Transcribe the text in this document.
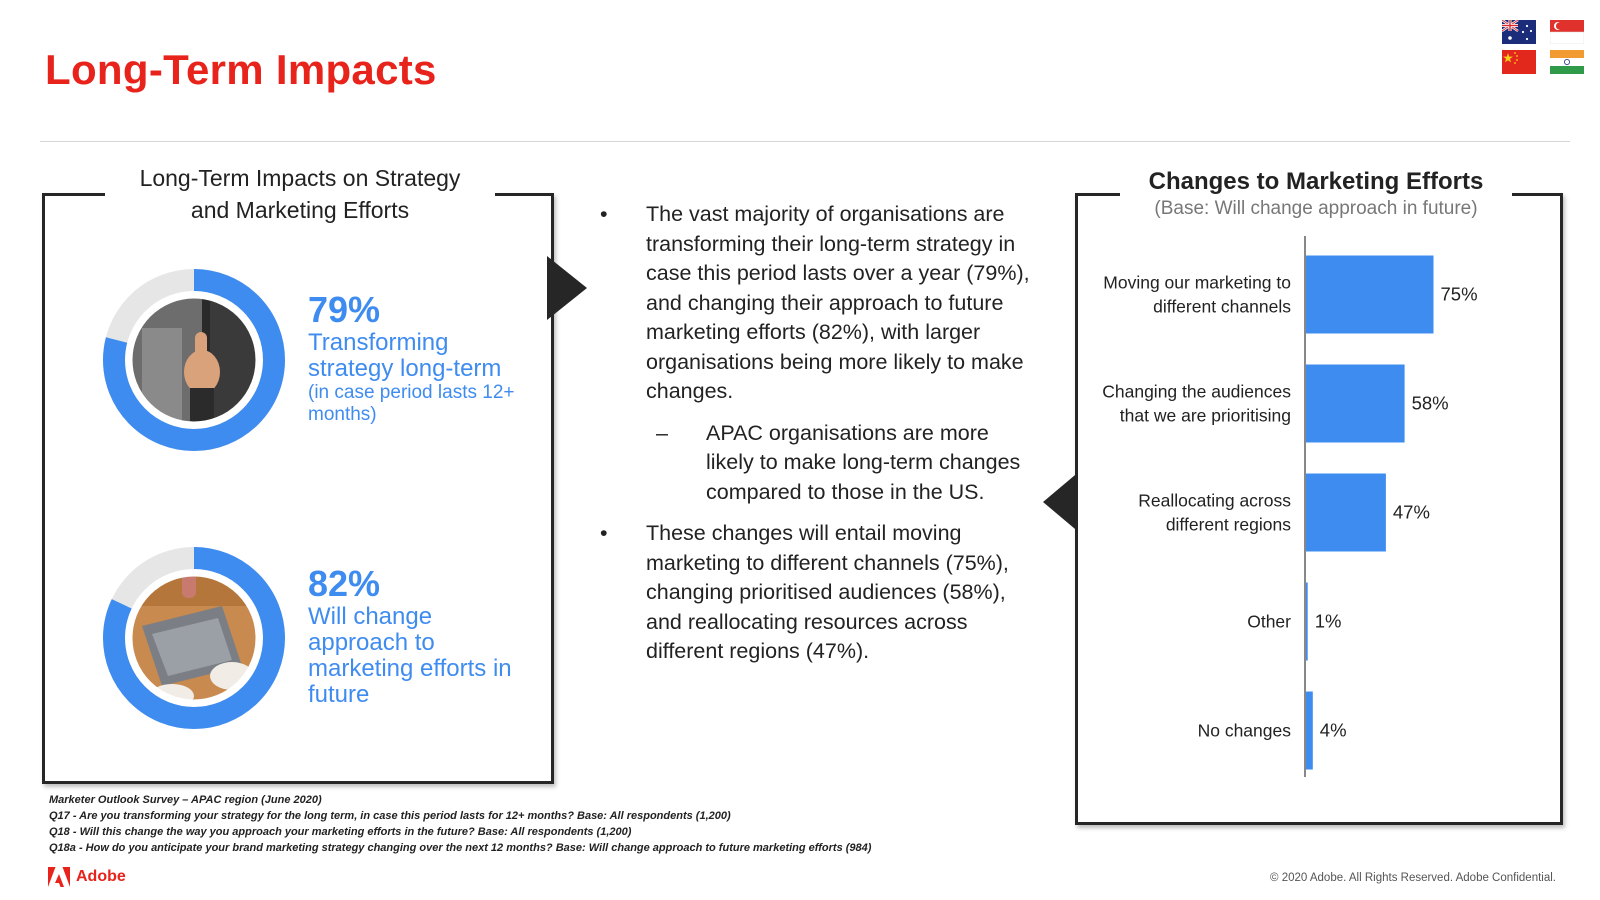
Long-Term Impacts
Long-Term Impacts on Strategy
and Marketing Efforts
79%
Transforming strategy long-term (in case period lasts 12+ months)
82%
Will change approach to marketing efforts in future
• The vast majority of organisations are transforming their long-term strategy in case this period lasts over a year (79%), and changing their approach to future marketing efforts (82%), with larger organisations being more likely to make changes.
– APAC organisations are more likely to make long-term changes compared to those in the US.
• These changes will entail moving marketing to different channels (75%), changing prioritised audiences (58%), and reallocating resources across different regions (47%).
Changes to Marketing Efforts
(Base: Will change approach in future)
Moving our marketing to different channels
75%
Changing the audiences that we are prioritising
58%
Reallocating across different regions
47%
Other 1%
No changes 4%
Marketer Outlook Survey – APAC region (June 2020)
Q17 - Are you transforming your strategy for the long term, in case this period lasts for 12+ months? Base: All respondents (1,200)
Q18 - Will this change the way you approach your marketing efforts in the future? Base: All respondents (1,200)
Q18a - How do you anticipate your brand marketing strategy changing over the next 12 months? Base: Will change approach to future marketing efforts (984)
Adobe	© 2020 Adobe. All Rights Reserved. Adobe Confidential.
